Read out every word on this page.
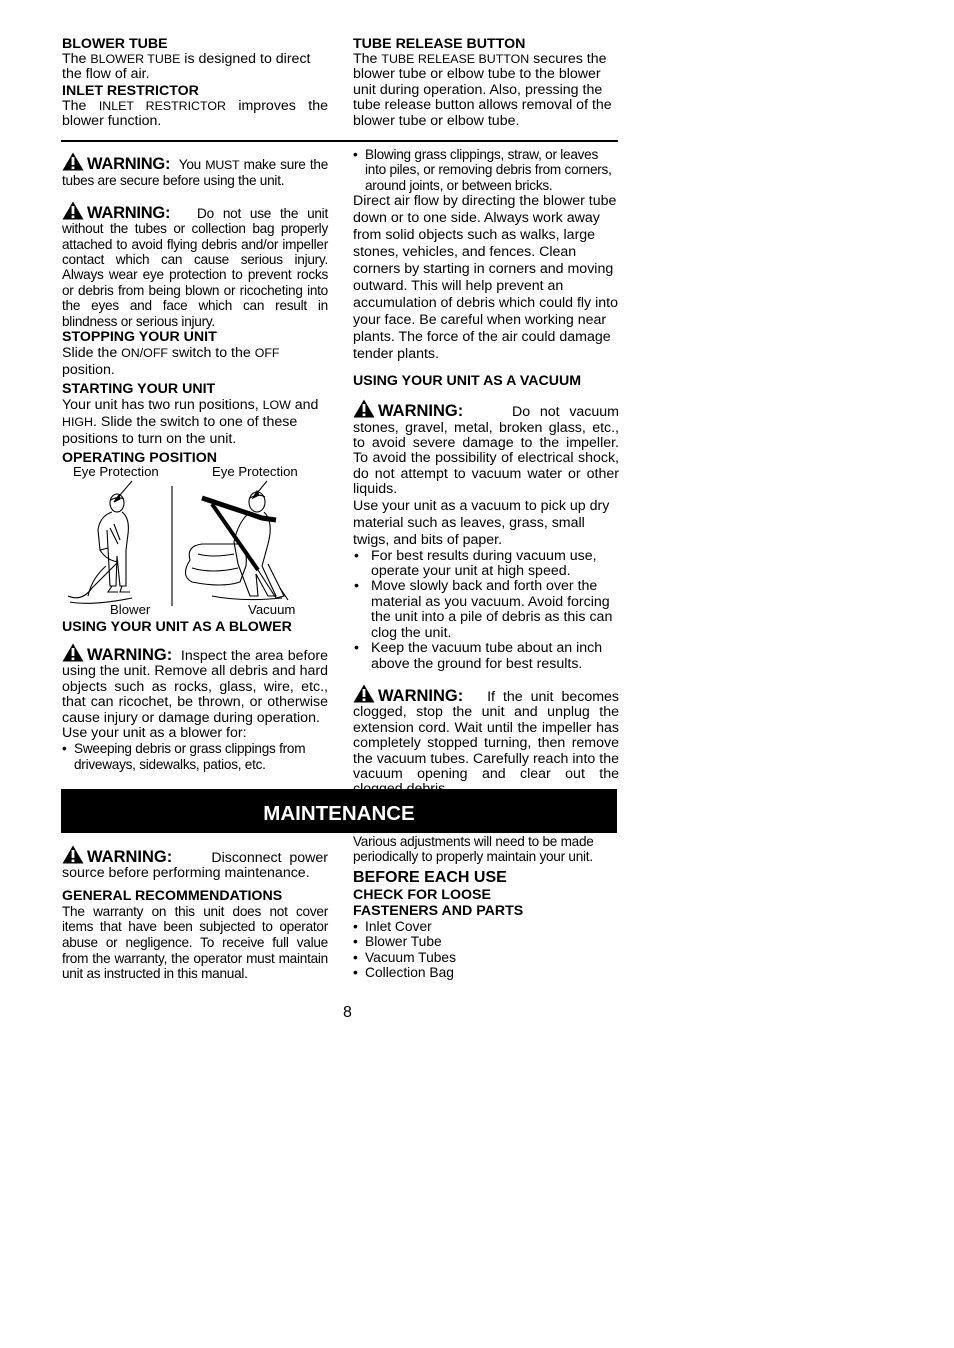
BLOWER TUBE

The BLOWER TUBE is designed to direct the flow of air.

INLET RESTRICTOR

The INLET RESTRICTOR improves the blower function.

TUBE RELEASE BUTTON

The TUBE RELEASE BUTTON secures the blower tube or elbow tube to the blower unit during operation. Also, pressing the tube release button allows removal of the blower tube or elbow tube.

WARNING: You MUST make sure the tubes are secure before using the unit.

WARNING: Do not use the unit without the tubes or collection bag properly attached to avoid flying debris and/or impeller contact which can cause serious injury. Always wear eye protection to prevent rocks or debris from being blown or ricocheting into the eyes and face which can result in blindness or serious injury.

STOPPING YOUR UNIT

Slide the ON/OFF switch to the OFF position.

STARTING YOUR UNIT

Your unit has two run positions, LOW and HIGH. Slide the switch to one of these positions to turn on the unit.

OPERATING POSITION

Eye Protection	Eye Protection
Blower	Vacuum

USING YOUR UNIT AS A BLOWER

WARNING: Inspect the area before using the unit. Remove all debris and hard objects such as rocks, glass, wire, etc., that can ricochet, be thrown, or otherwise cause injury or damage during operation.

Use your unit as a blower for:

• Sweeping debris or grass clippings from driveways, sidewalks, patios, etc.
• Blowing grass clippings, straw, or leaves into piles, or removing debris from corners, around joints, or between bricks.

Direct air flow by directing the blower tube down or to one side. Always work away from solid objects such as walks, large stones, vehicles, and fences. Clean corners by starting in corners and moving outward. This will help prevent an accumulation of debris which could fly into your face. Be careful when working near plants. The force of the air could damage tender plants.

USING YOUR UNIT AS A VACUUM

WARNING:	Do not vacuum stones, gravel, metal, broken glass, etc., to avoid severe damage to the impeller. To avoid the possibility of electrical shock, do not attempt to vacuum water or other liquids.

Use your unit as a vacuum to pick up dry material such as leaves, grass, small twigs, and bits of paper.

• For best results during vacuum use, operate your unit at high speed.
• Move slowly back and forth over the material as you vacuum. Avoid forcing the unit into a pile of debris as this can clog the unit.
• Keep the vacuum tube about an inch above the ground for best results.

WARNING: If the unit becomes clogged, stop the unit and unplug the extension cord. Wait until the impeller has completely stopped turning, then remove the vacuum tubes. Carefully reach into the vacuum opening and clear out the

MAINTENANCE

WARNING:	Disconnect power source before performing maintenance.

GENERAL RECOMMENDATIONS

The warranty on this unit does not cover items that have been subjected to operator abuse or negligence. To receive full value from the warranty, the operator must maintain unit as instructed in this manual.

Various adjustments will need to be made periodically to properly maintain your unit.

BEFORE EACH USE

CHECK FOR LOOSE
FASTENERS AND PARTS

• Inlet Cover
• Blower Tube
• Vacuum Tubes
• Collection Bag
8
